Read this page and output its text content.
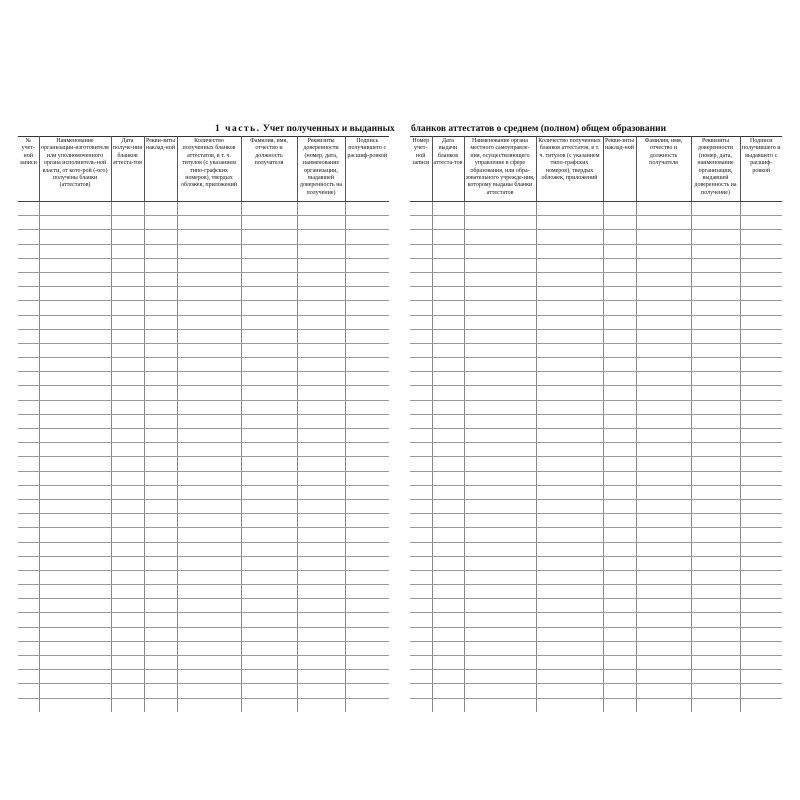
1 часть. Учет полученных и выданных бланков аттестатов о среднем (полном) общем образовании
№ учет-ной записи	Наименование организации-изготовителя или уполномоченного органа исполнитель-ной власти, от кото-рой (-ого) получены бланки (аттестатов)	Дата получе-ния бланков аттеста-тов	Рекви-зиты наклад-ной	Количество полученных бланков аттестатов, в т. ч. титулов (с указанием типо-графских номеров), твердых обложек, приложений	Фамилия, имя, отчество и должность получателя	Реквизиты доверенности (номер, дата, наименование организации, выдавшей доверенность на получение)	Подпись получившего с расшиф-ровкой

Номер учет-ной записи	Дата выдачи бланков аттеста-тов	Наименование органа местного самоуправле-ния, осуществляющего управление в сфере образования, или обра-зовательного учрежде-ния, которому выданы бланки аттестатов	Количество полученных бланков аттестатов, в т. ч. титулов (с указанием типо-графских номеров), твердых обложек, приложений	Рекви-зиты наклад-ной	Фамилия, имя, отчество и должность получателя	Реквизиты доверенности (номер, дата, наименование организации, выдавшей доверенность на получение)	Подписи получившего и выдавшего с расшиф-ровкой
